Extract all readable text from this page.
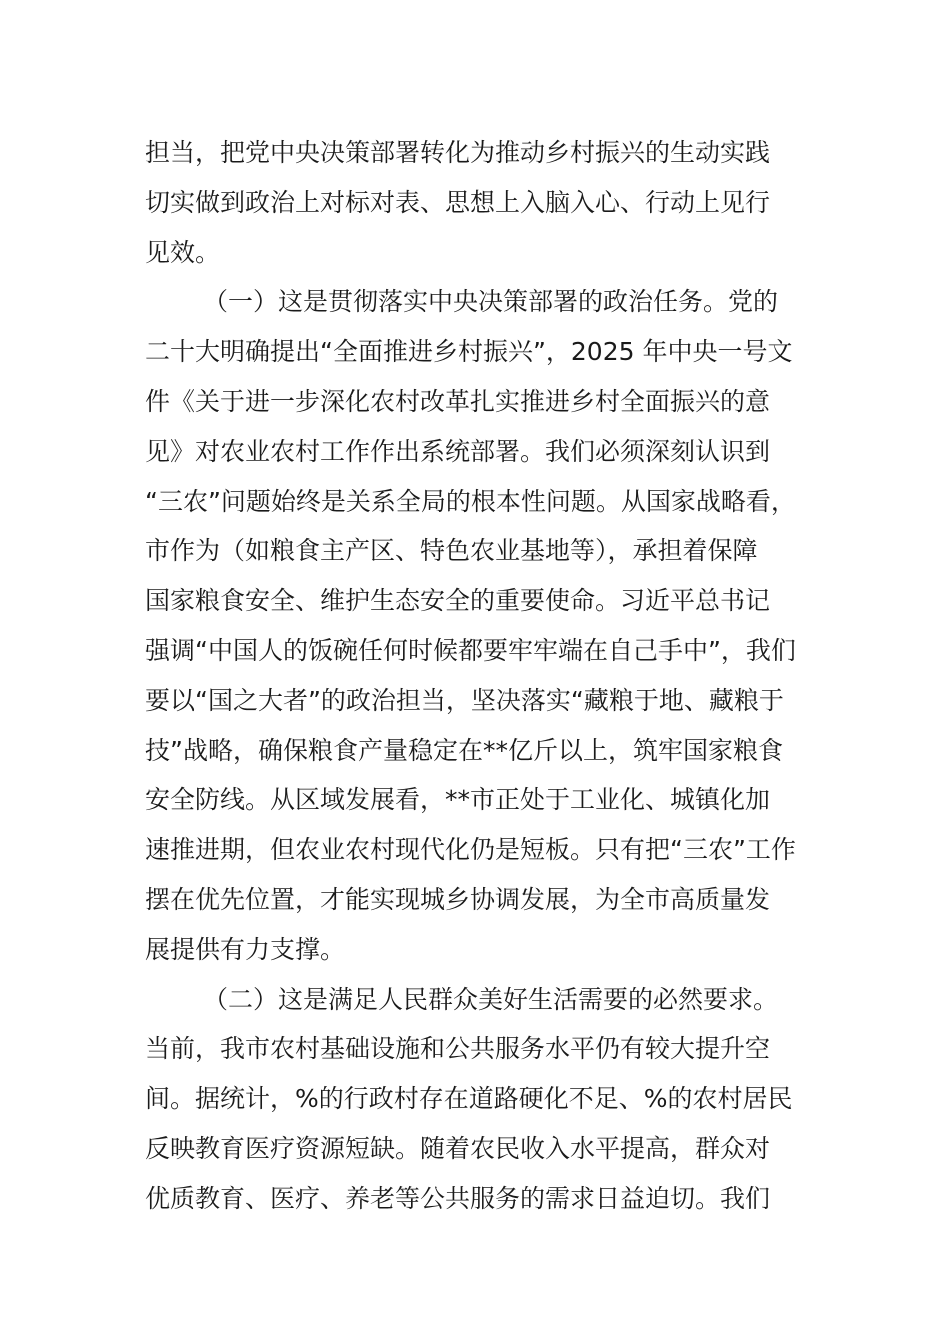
担当，把党中央决策部署转化为推动乡村振兴的生动实践
切实做到政治上对标对表、思想上入脑入心、行动上见行
见效。
（一）这是贯彻落实中央决策部署的政治任务。党的
二十大明确提出“全面推进乡村振兴”，2025 年中央一号文
件《关于进一步深化农村改革扎实推进乡村全面振兴的意
见》对农业农村工作作出系统部署。我们必须深刻认识到
“三农”问题始终是关系全局的根本性问题。从国家战略看，
市作为（如粮食主产区、特色农业基地等），承担着保障
国家粮食安全、维护生态安全的重要使命。习近平总书记
强调“中国人的饭碗任何时候都要牢牢端在自己手中”，我们
要以“国之大者”的政治担当，坚决落实“藏粮于地、藏粮于
技”战略，确保粮食产量稳定在**亿斤以上，筑牢国家粮食
安全防线。从区域发展看，**市正处于工业化、城镇化加
速推进期，但农业农村现代化仍是短板。只有把“三农”工作
摆在优先位置，才能实现城乡协调发展，为全市高质量发
展提供有力支撑。
（二）这是满足人民群众美好生活需要的必然要求。
当前，我市农村基础设施和公共服务水平仍有较大提升空
间。据统计，%的行政村存在道路硬化不足、%的农村居民
反映教育医疗资源短缺。随着农民收入水平提高，群众对
优质教育、医疗、养老等公共服务的需求日益迫切。我们
